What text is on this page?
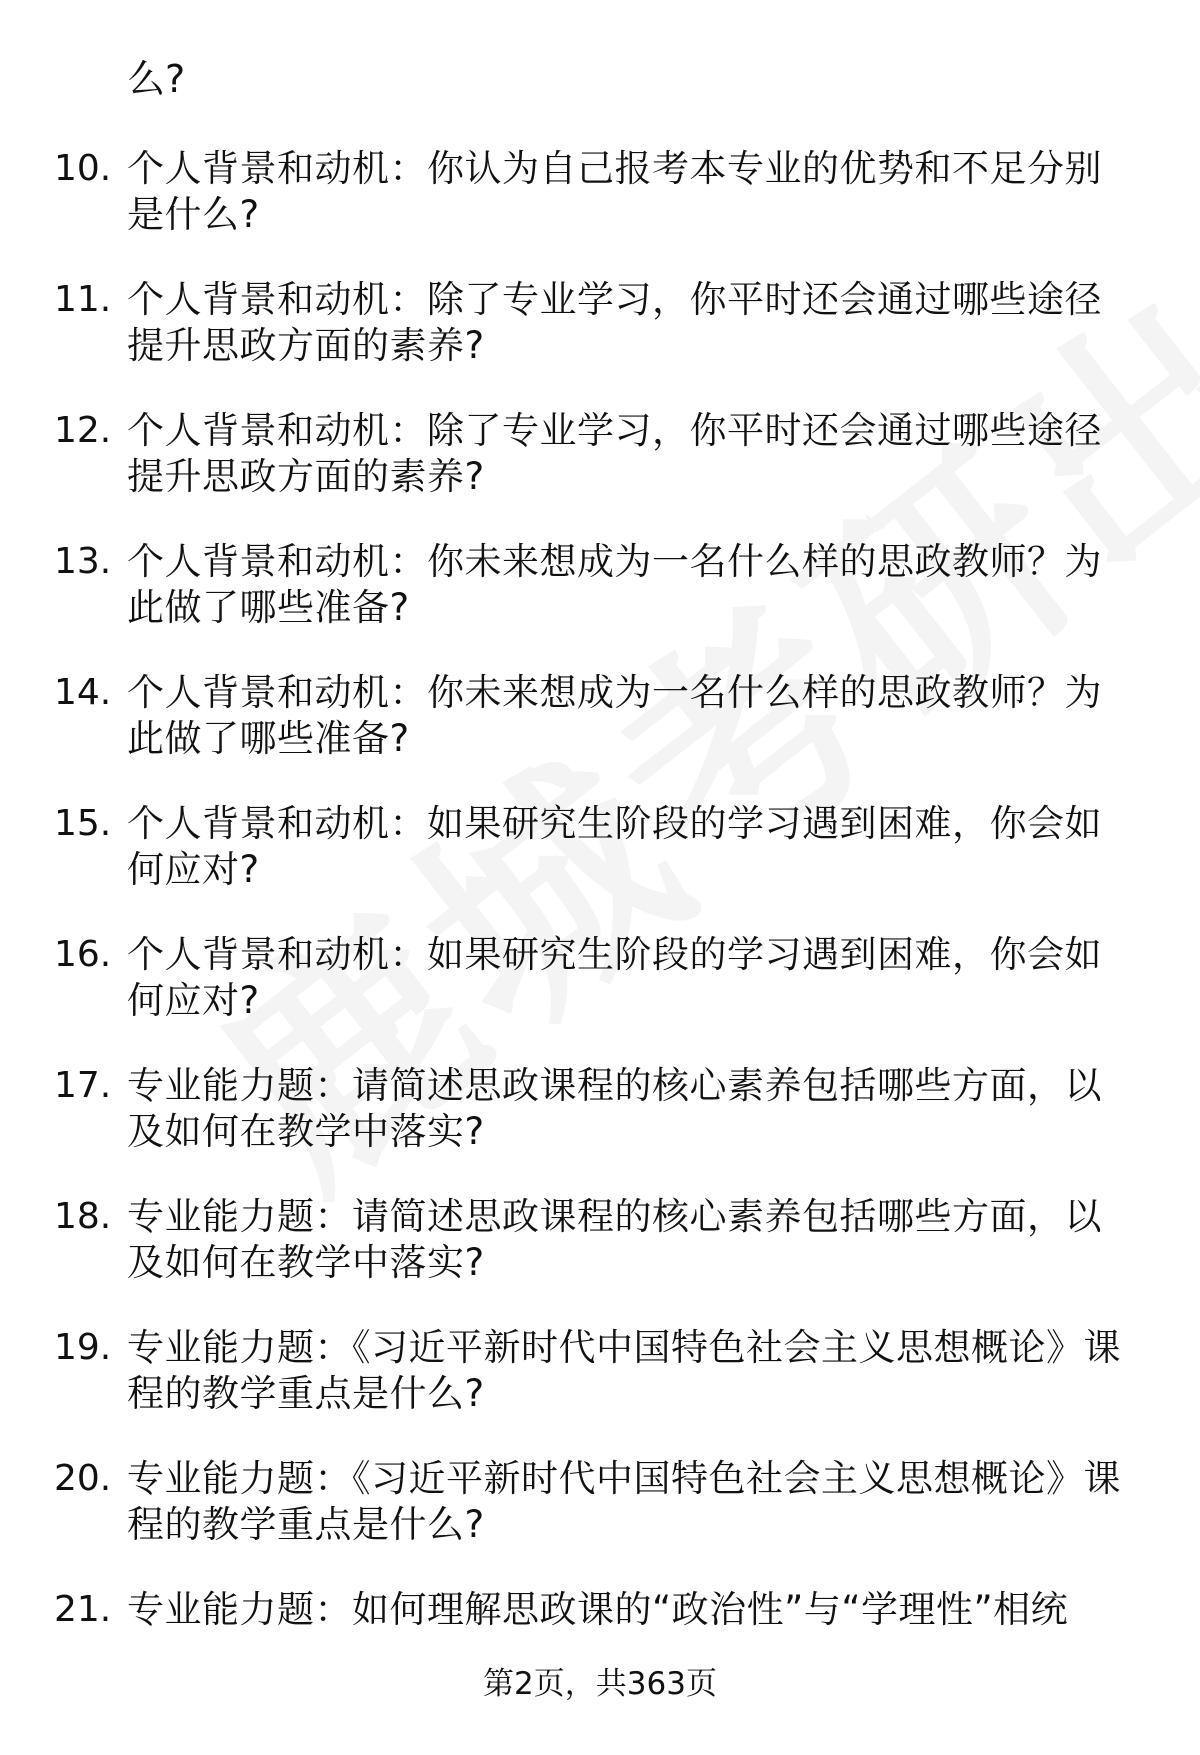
么?
10. 个人背景和动机：你认为自己报考本专业的优势和不足分别是什么?
11. 个人背景和动机：除了专业学习，你平时还会通过哪些途径提升思政方面的素养?
12. 个人背景和动机：除了专业学习，你平时还会通过哪些途径提升思政方面的素养?
13. 个人背景和动机：你未来想成为一名什么样的思政教师？为此做了哪些准备?
14. 个人背景和动机：你未来想成为一名什么样的思政教师？为此做了哪些准备?
15. 个人背景和动机：如果研究生阶段的学习遇到困难，你会如何应对?
16. 个人背景和动机：如果研究生阶段的学习遇到困难，你会如何应对?
17. 专业能力题：请简述思政课程的核心素养包括哪些方面，以及如何在教学中落实?
18. 专业能力题：请简述思政课程的核心素养包括哪些方面，以及如何在教学中落实?
19. 专业能力题：《习近平新时代中国特色社会主义思想概论》课程的教学重点是什么?
20. 专业能力题：《习近平新时代中国特色社会主义思想概论》课程的教学重点是什么?
21. 专业能力题：如何理解思政课的“政治性”与“学理性”相统
第2页，共363页
